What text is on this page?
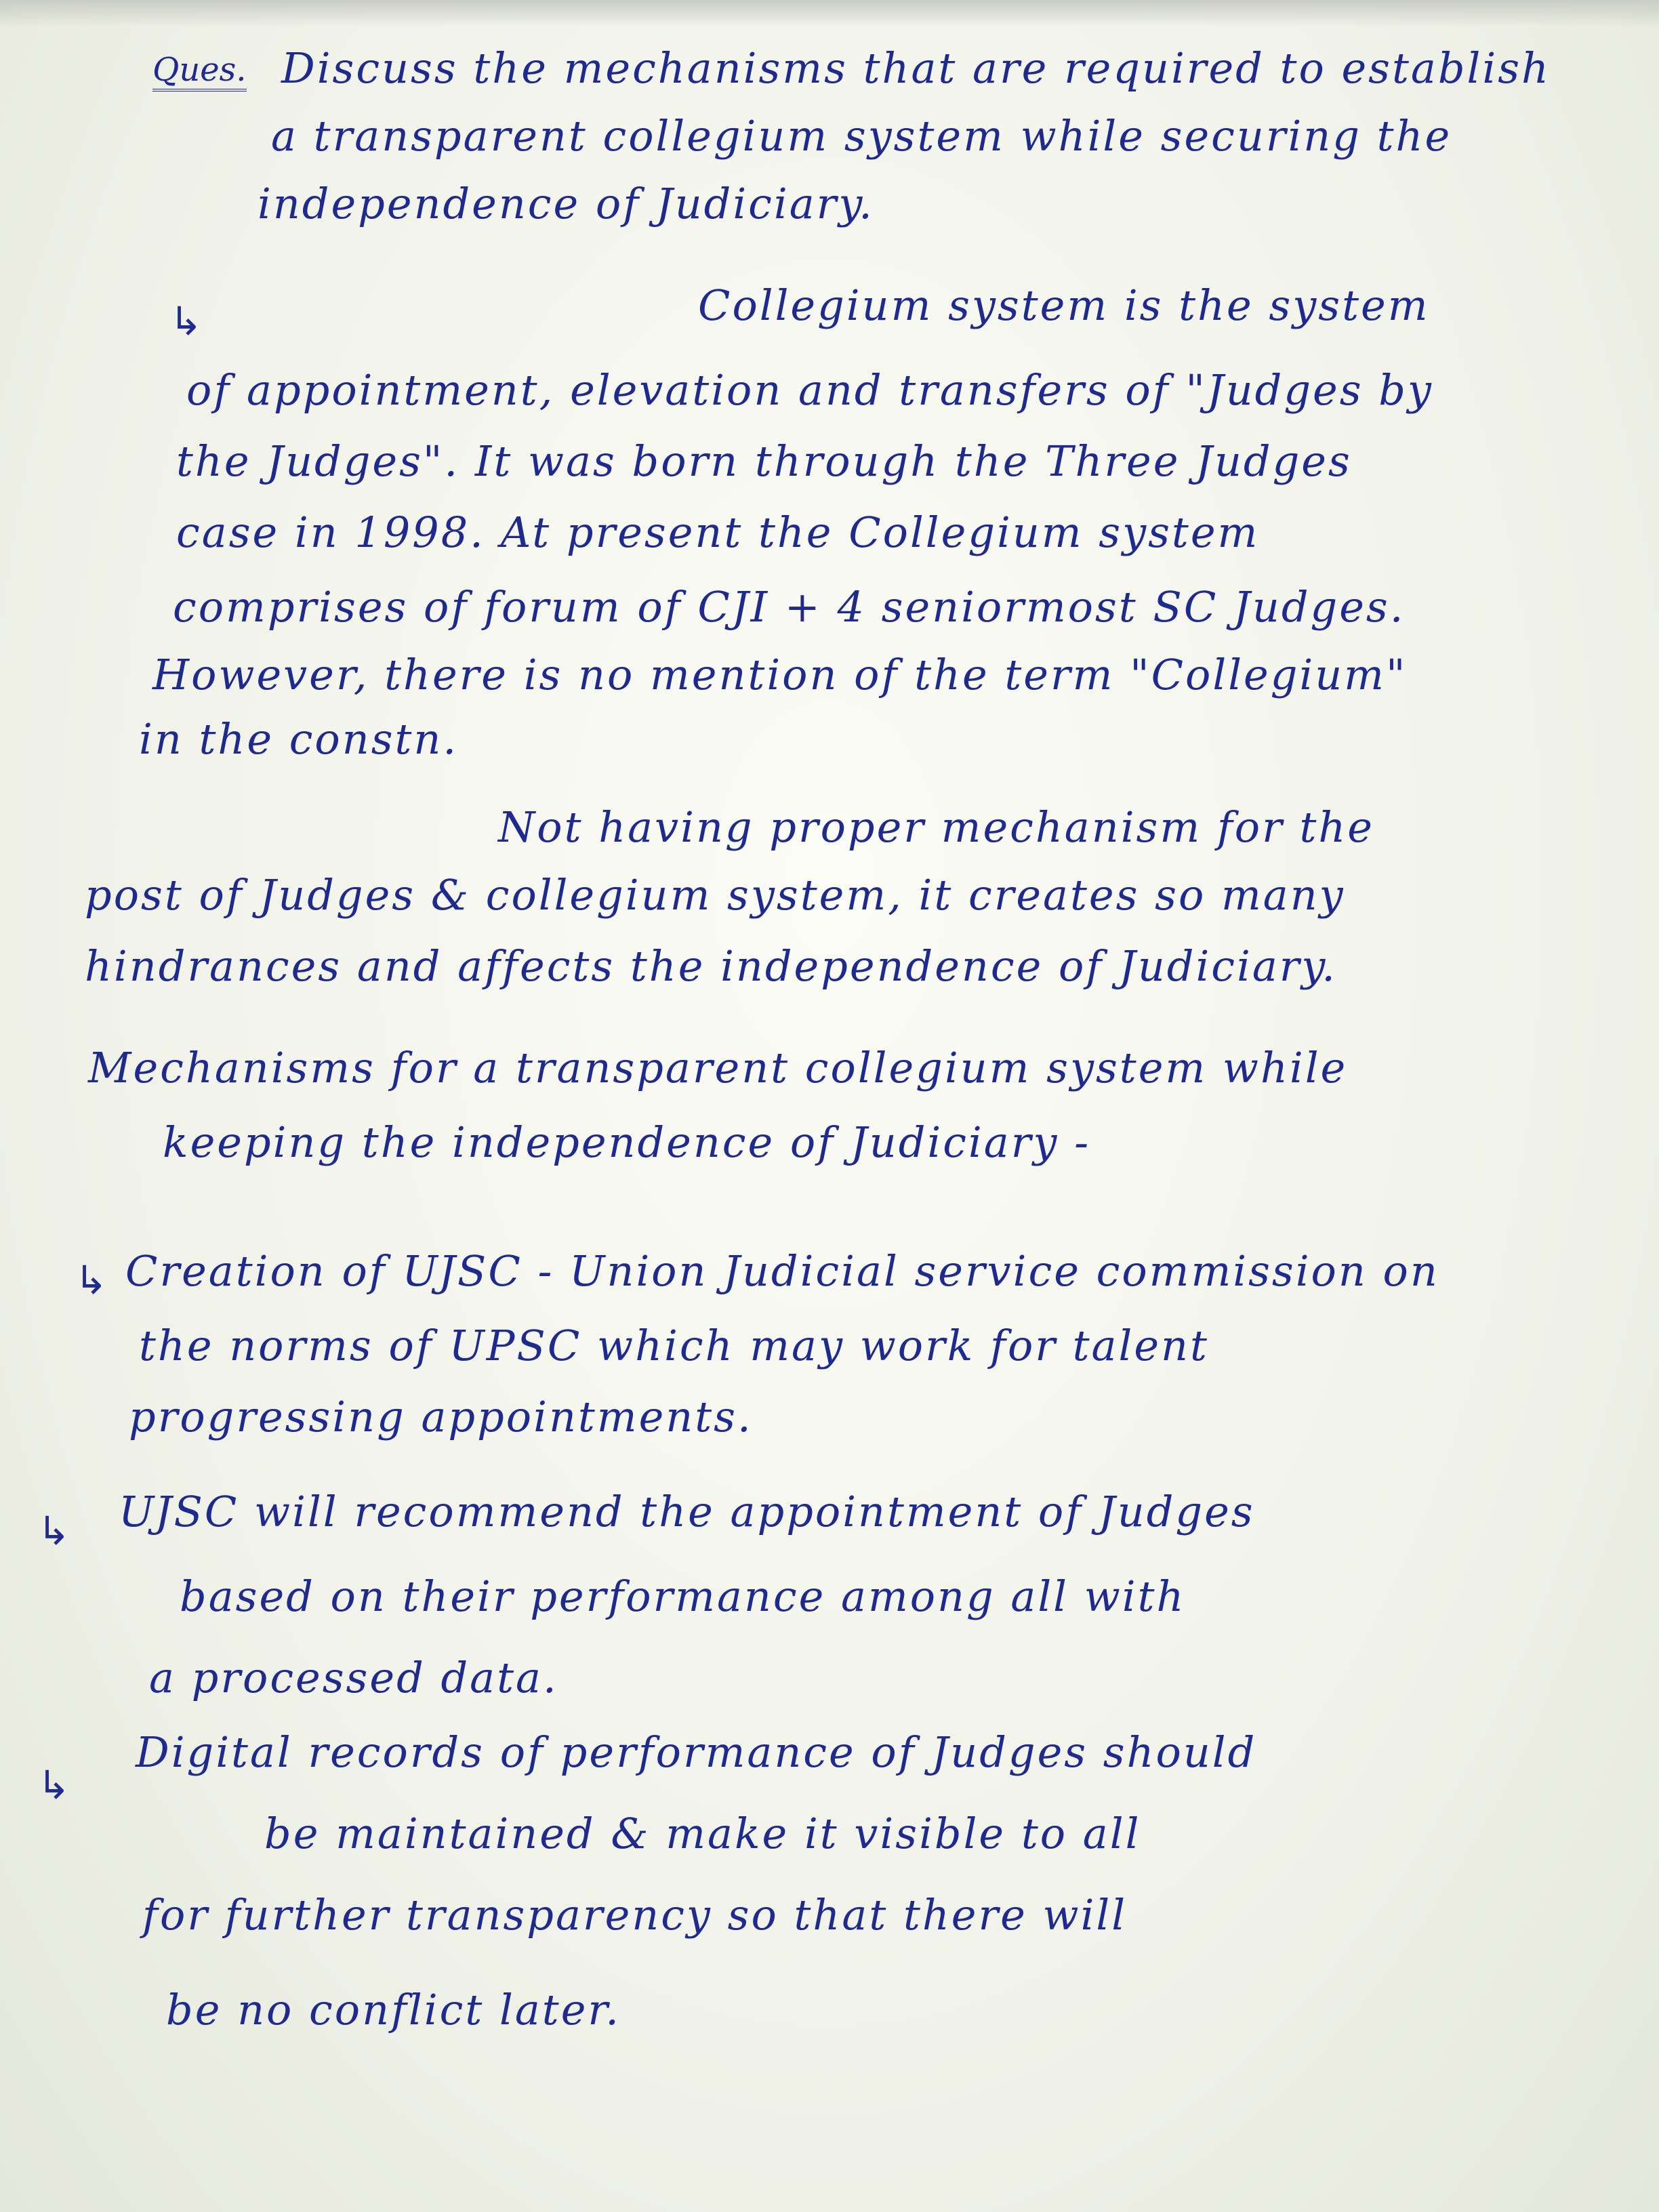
Ques. Discuss the mechanisms that are required to establish
a transparent collegium system while securing the
independence of Judiciary.
↳	Collegium system is the system
of appointment, elevation and transfers of "Judges by
the Judges". It was born through the Three Judges
case in 1998. At present the Collegium system
comprises of forum of CJI + 4 seniormost SC Judges.
However, there is no mention of the term "Collegium"
in the constn.
Not having proper mechanism for the
post of Judges & collegium system, it creates so many
hindrances and affects the independence of Judiciary.
Mechanisms for a transparent collegium system while
keeping the independence of Judiciary -
↳ Creation of UJSC - Union Judicial service commission on
the norms of UPSC which may work for talent
progressing appointments.
↳ UJSC will recommend the appointment of Judges
based on their performance among all with
a processed data.
↳
Digital records of performance of Judges should
be maintained & make it visible to all
for further transparency so that there will
be no conflict later.
